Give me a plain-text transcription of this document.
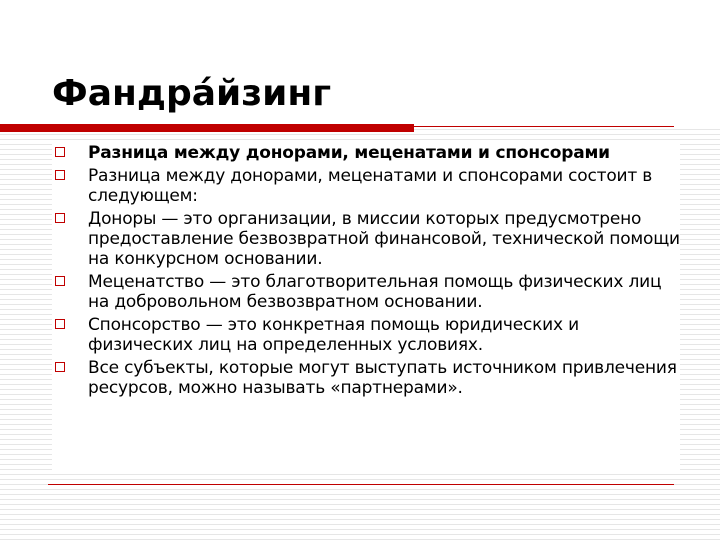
Фандра́йзинг
Разница между донорами, меценатами и спонсорами
Разница между донорами, меценатами и спонсорами состоит в следующем:
Доноры — это организации, в миссии которых предусмотрено предоставление безвозвратной финансовой, технической помощи на конкурсном основании.
Меценатство — это благотворительная помощь физических лиц на добровольном безвозвратном основании.
Спонсорство — это конкретная помощь юридических и физических лиц на определенных условиях.
Все субъекты, которые могут выступать источником привлечения ресурсов, можно называть «партнерами».
